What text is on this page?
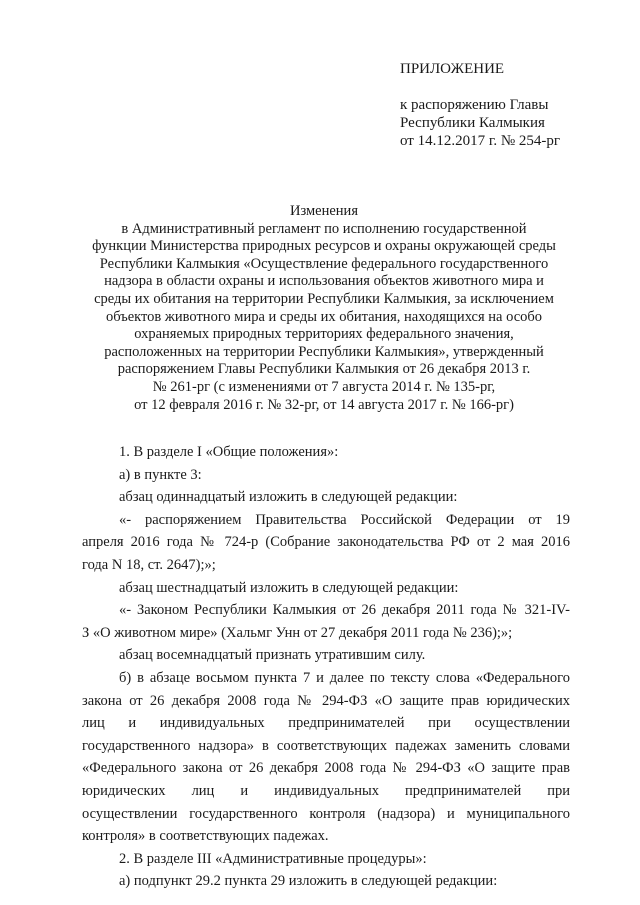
ПРИЛОЖЕНИЕ
к распоряжению Главы
Республики Калмыкия
от 14.12.2017 г. № 254-рг
Изменения
в Административный регламент по исполнению государственной
функции Министерства природных ресурсов и охраны окружающей среды
Республики Калмыкия «Осуществление федерального государственного
надзора в области охраны и использования объектов животного мира и
среды их обитания на территории Республики Калмыкия, за исключением
объектов животного мира и среды их обитания, находящихся на особо
охраняемых природных территориях федерального значения,
расположенных на территории Республики Калмыкия», утвержденный
распоряжением Главы Республики Калмыкия от 26 декабря 2013 г.
№ 261-рг (с изменениями от 7 августа 2014 г. № 135-рг,
от 12 февраля 2016 г. № 32-рг, от 14 августа 2017 г. № 166-рг)

1. В разделе I «Общие положения»:

а) в пункте 3:

абзац одиннадцатый изложить в следующей редакции:

«- распоряжением Правительства Российской Федерации от 19
апреля 2016 года № 724-р (Собрание законодательства РФ от 2 мая 2016
года N 18, ст. 2647);»;

абзац шестнадцатый изложить в следующей редакции:

«- Законом Республики Калмыкия от 26 декабря 2011 года № 321-IV-
З «О животном мире» (Хальмг Унн от 27 декабря 2011 года № 236);»;

абзац восемнадцатый признать утратившим силу.

б) в абзаце восьмом пункта 7 и далее по тексту слова «Федерального
закона от 26 декабря 2008 года № 294-ФЗ «О защите прав юридических
лиц и индивидуальных предпринимателей при осуществлении
государственного надзора» в соответствующих падежах заменить словами
«Федерального закона от 26 декабря 2008 года № 294-ФЗ «О защите прав
юридических лиц и индивидуальных предпринимателей при
осуществлении государственного контроля (надзора) и муниципального
контроля» в соответствующих падежах.

2. В разделе III «Административные процедуры»:

а) подпункт 29.2 пункта 29 изложить в следующей редакции:
